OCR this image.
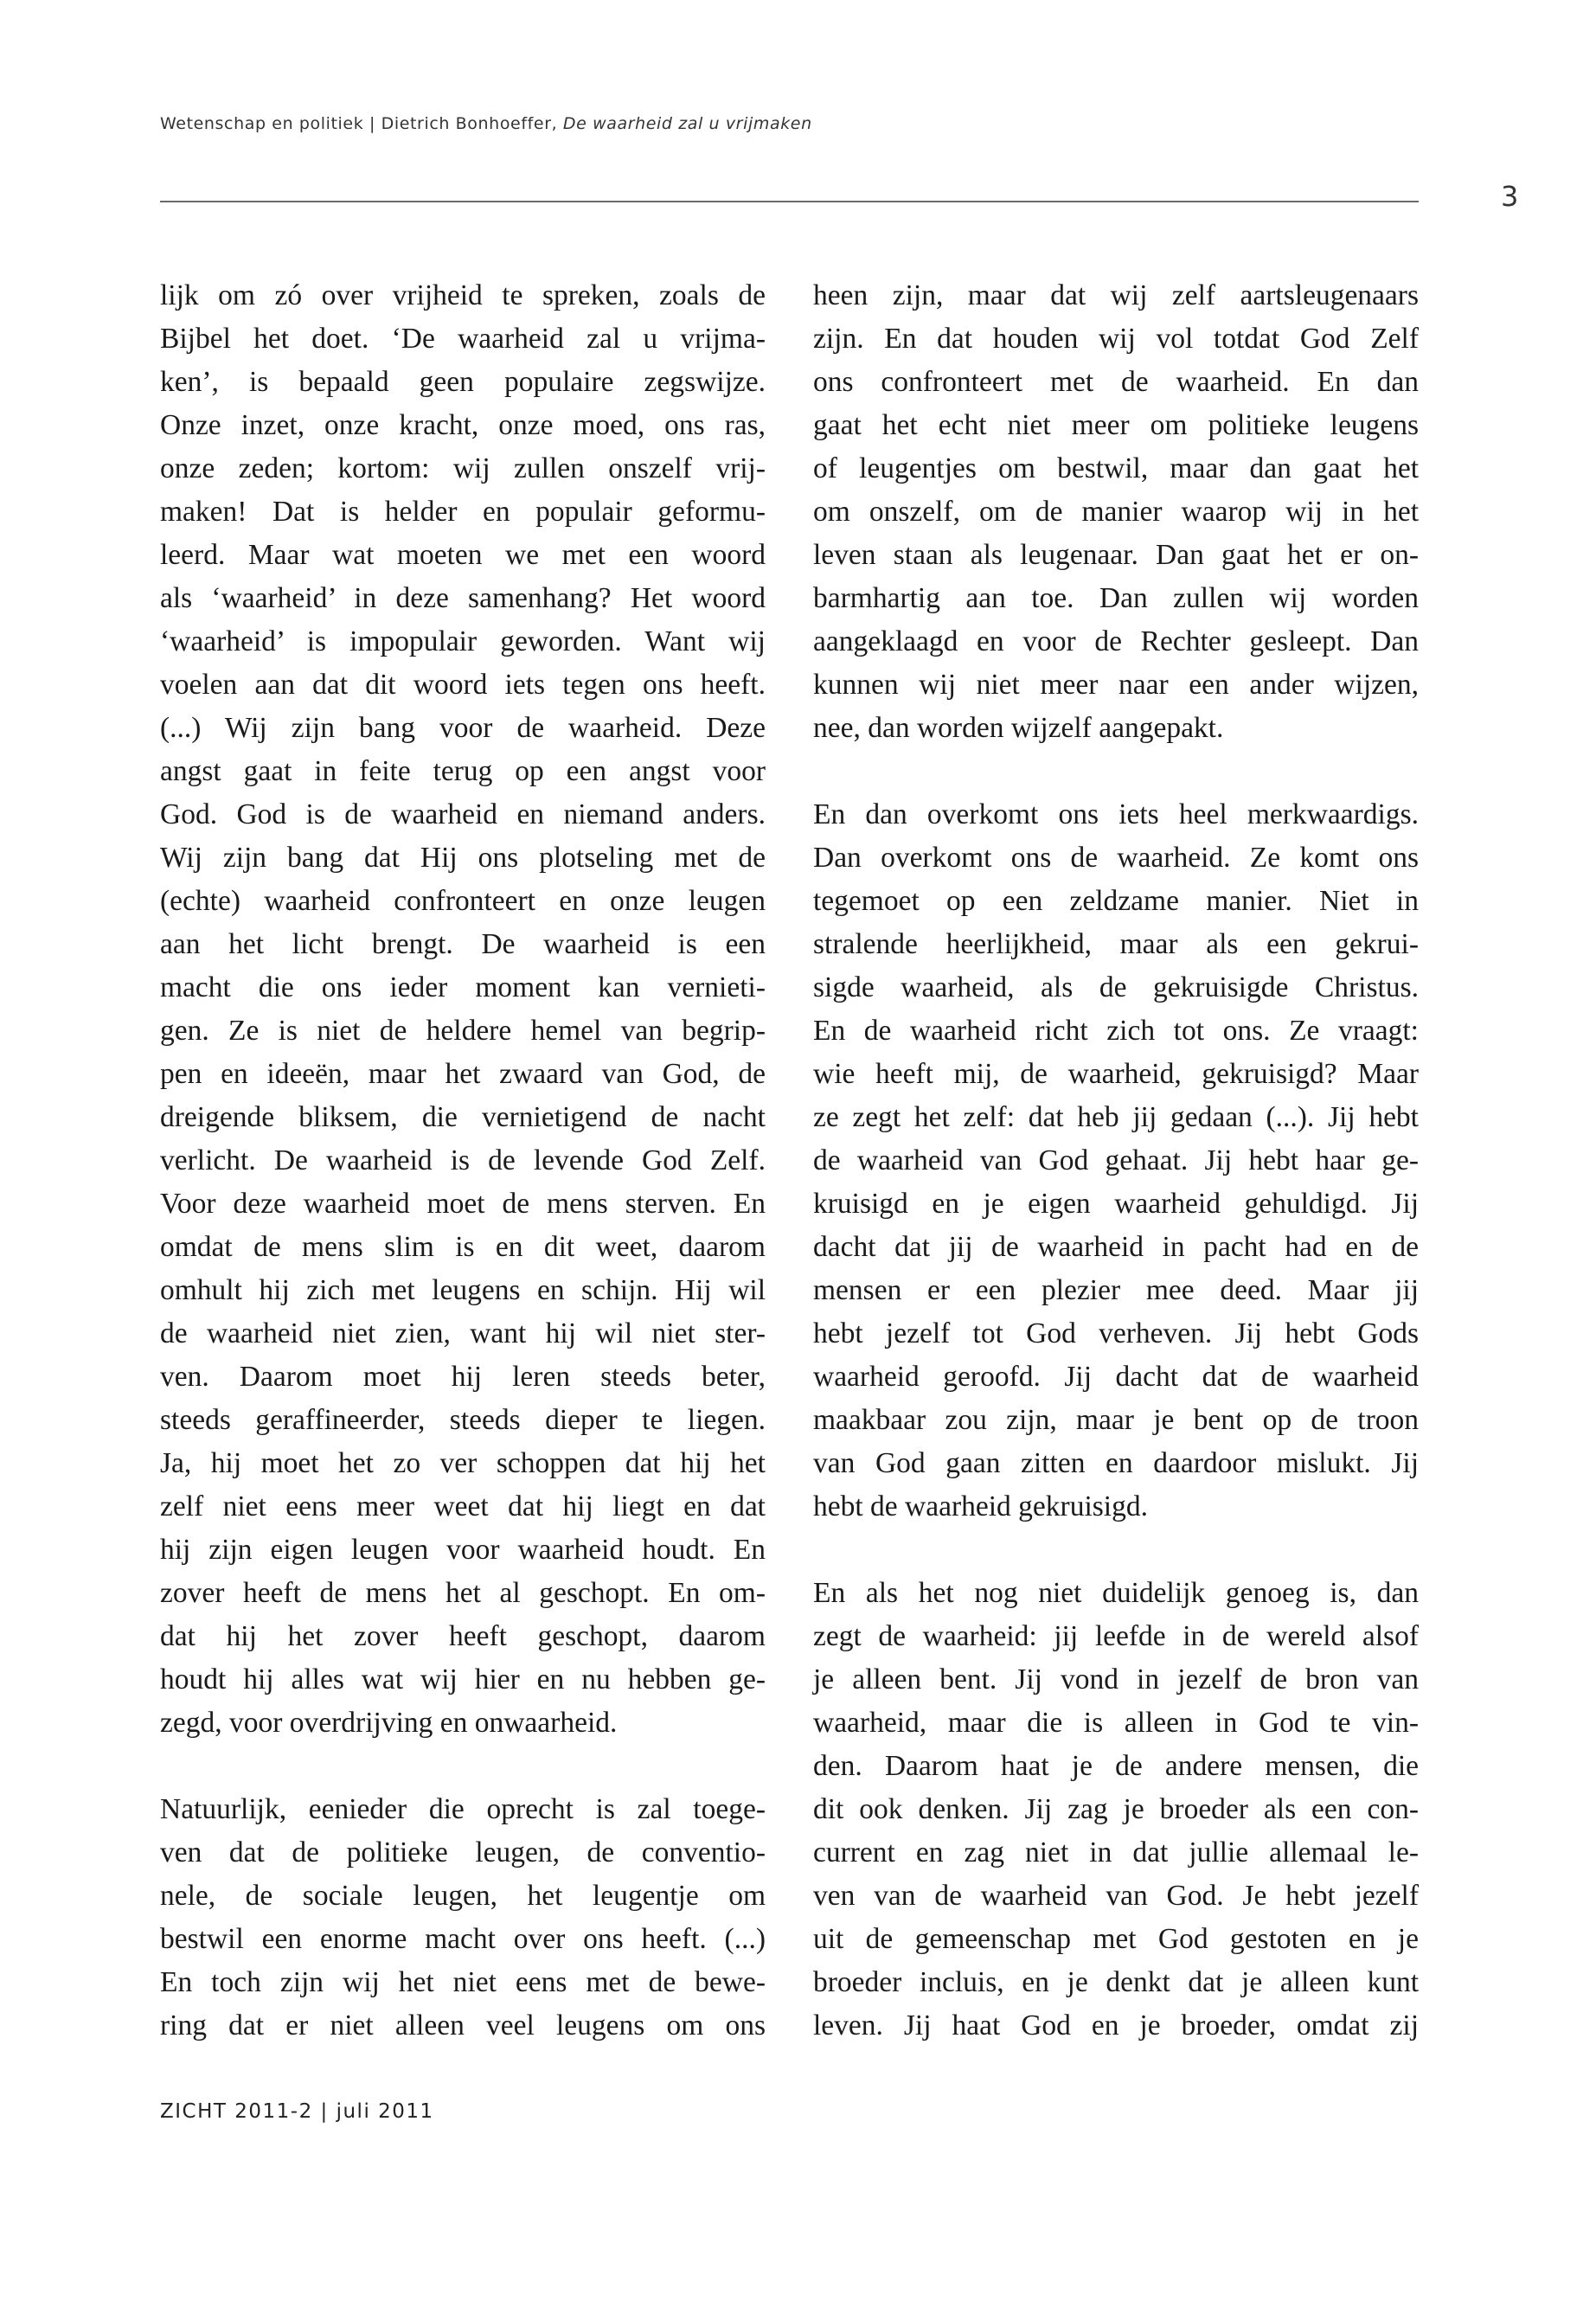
Wetenschap en politiek | Dietrich Bonhoeffer, De waarheid zal u vrijmaken
3
lijk om zó over vrijheid te spreken, zoals de
Bijbel het doet. ‘De waarheid zal u vrijma-
ken’, is bepaald geen populaire zegswijze.
Onze inzet, onze kracht, onze moed, ons ras,
onze zeden; kortom: wij zullen onszelf vrij-
maken! Dat is helder en populair geformu-
leerd. Maar wat moeten we met een woord
als ‘waarheid’ in deze samenhang? Het woord
‘waarheid’ is impopulair geworden. Want wij
voelen aan dat dit woord iets tegen ons heeft.
(...) Wij zijn bang voor de waarheid. Deze
angst gaat in feite terug op een angst voor
God. God is de waarheid en niemand anders.
Wij zijn bang dat Hij ons plotseling met de
(echte) waarheid confronteert en onze leugen
aan het licht brengt. De waarheid is een
macht die ons ieder moment kan vernieti-
gen. Ze is niet de heldere hemel van begrip-
pen en ideeën, maar het zwaard van God, de
dreigende bliksem, die vernietigend de nacht
verlicht. De waarheid is de levende God Zelf.
Voor deze waarheid moet de mens sterven. En
omdat de mens slim is en dit weet, daarom
omhult hij zich met leugens en schijn. Hij wil
de waarheid niet zien, want hij wil niet ster-
ven. Daarom moet hij leren steeds beter,
steeds geraffineerder, steeds dieper te liegen.
Ja, hij moet het zo ver schoppen dat hij het
zelf niet eens meer weet dat hij liegt en dat
hij zijn eigen leugen voor waarheid houdt. En
zover heeft de mens het al geschopt. En om-
dat hij het zover heeft geschopt, daarom
houdt hij alles wat wij hier en nu hebben ge-
zegd, voor overdrijving en onwaarheid.
Natuurlijk, eenieder die oprecht is zal toege-
ven dat de politieke leugen, de conventio-
nele, de sociale leugen, het leugentje om
bestwil een enorme macht over ons heeft. (...)
En toch zijn wij het niet eens met de bewe-
ring dat er niet alleen veel leugens om ons
heen zijn, maar dat wij zelf aartsleugenaars
zijn. En dat houden wij vol totdat God Zelf
ons confronteert met de waarheid. En dan
gaat het echt niet meer om politieke leugens
of leugentjes om bestwil, maar dan gaat het
om onszelf, om de manier waarop wij in het
leven staan als leugenaar. Dan gaat het er on-
barmhartig aan toe. Dan zullen wij worden
aangeklaagd en voor de Rechter gesleept. Dan
kunnen wij niet meer naar een ander wijzen,
nee, dan worden wijzelf aangepakt.
En dan overkomt ons iets heel merkwaardigs.
Dan overkomt ons de waarheid. Ze komt ons
tegemoet op een zeldzame manier. Niet in
stralende heerlijkheid, maar als een gekrui-
sigde waarheid, als de gekruisigde Christus.
En de waarheid richt zich tot ons. Ze vraagt:
wie heeft mij, de waarheid, gekruisigd? Maar
ze zegt het zelf: dat heb jij gedaan (...). Jij hebt
de waarheid van God gehaat. Jij hebt haar ge-
kruisigd en je eigen waarheid gehuldigd. Jij
dacht dat jij de waarheid in pacht had en de
mensen er een plezier mee deed. Maar jij
hebt jezelf tot God verheven. Jij hebt Gods
waarheid geroofd. Jij dacht dat de waarheid
maakbaar zou zijn, maar je bent op de troon
van God gaan zitten en daardoor mislukt. Jij
hebt de waarheid gekruisigd.
En als het nog niet duidelijk genoeg is, dan
zegt de waarheid: jij leefde in de wereld alsof
je alleen bent. Jij vond in jezelf de bron van
waarheid, maar die is alleen in God te vin-
den. Daarom haat je de andere mensen, die
dit ook denken. Jij zag je broeder als een con-
current en zag niet in dat jullie allemaal le-
ven van de waarheid van God. Je hebt jezelf
uit de gemeenschap met God gestoten en je
broeder incluis, en je denkt dat je alleen kunt
leven. Jij haat God en je broeder, omdat zij
ZICHT 2011-2 | juli 2011
